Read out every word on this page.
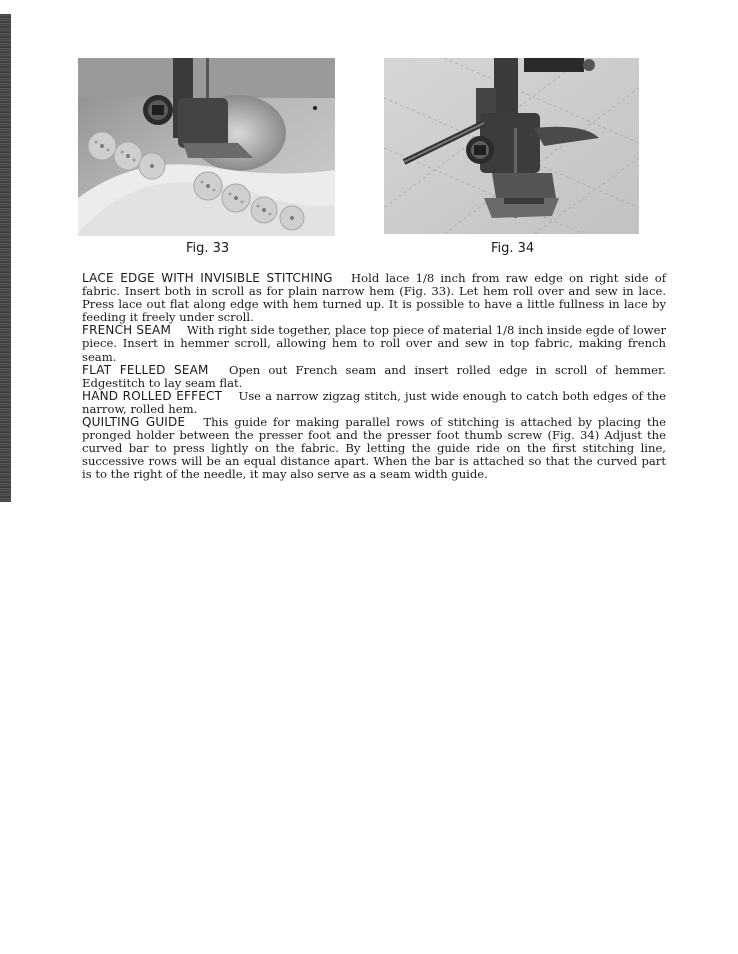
Fig. 33	Fig. 34

LACE EDGE WITH INVISIBLE STITCHING  Hold lace 1/8 inch from raw edge on right side of fabric. Insert both in scroll as for plain narrow hem (Fig. 33). Let hem roll over and sew in lace. Press lace out flat along edge with hem turned up. It is possible to have a little fullness in lace by feeding it freely under scroll.

FRENCH SEAM  With right side together, place top piece of material 1/8 inch inside egde of lower piece. Insert in hemmer scroll, allowing hem to roll over and sew in top fabric, making french seam.

FLAT FELLED SEAM  Open out French seam and insert rolled edge in scroll of hemmer. Edgestitch to lay seam flat.

HAND ROLLED EFFECT  Use a narrow zigzag stitch, just wide enough to catch both edges of the narrow, rolled hem.

QUILTING GUIDE  This guide for making parallel rows of stitching is attached by placing the pronged holder between the presser foot and the presser foot thumb screw (Fig. 34) Adjust the curved bar to press lightly on the fabric. By letting the guide ride on the first stitching line, successive rows will be an equal distance apart. When the bar is attached so that the curved part is to the right of the needle, it may also serve as a seam width guide.
